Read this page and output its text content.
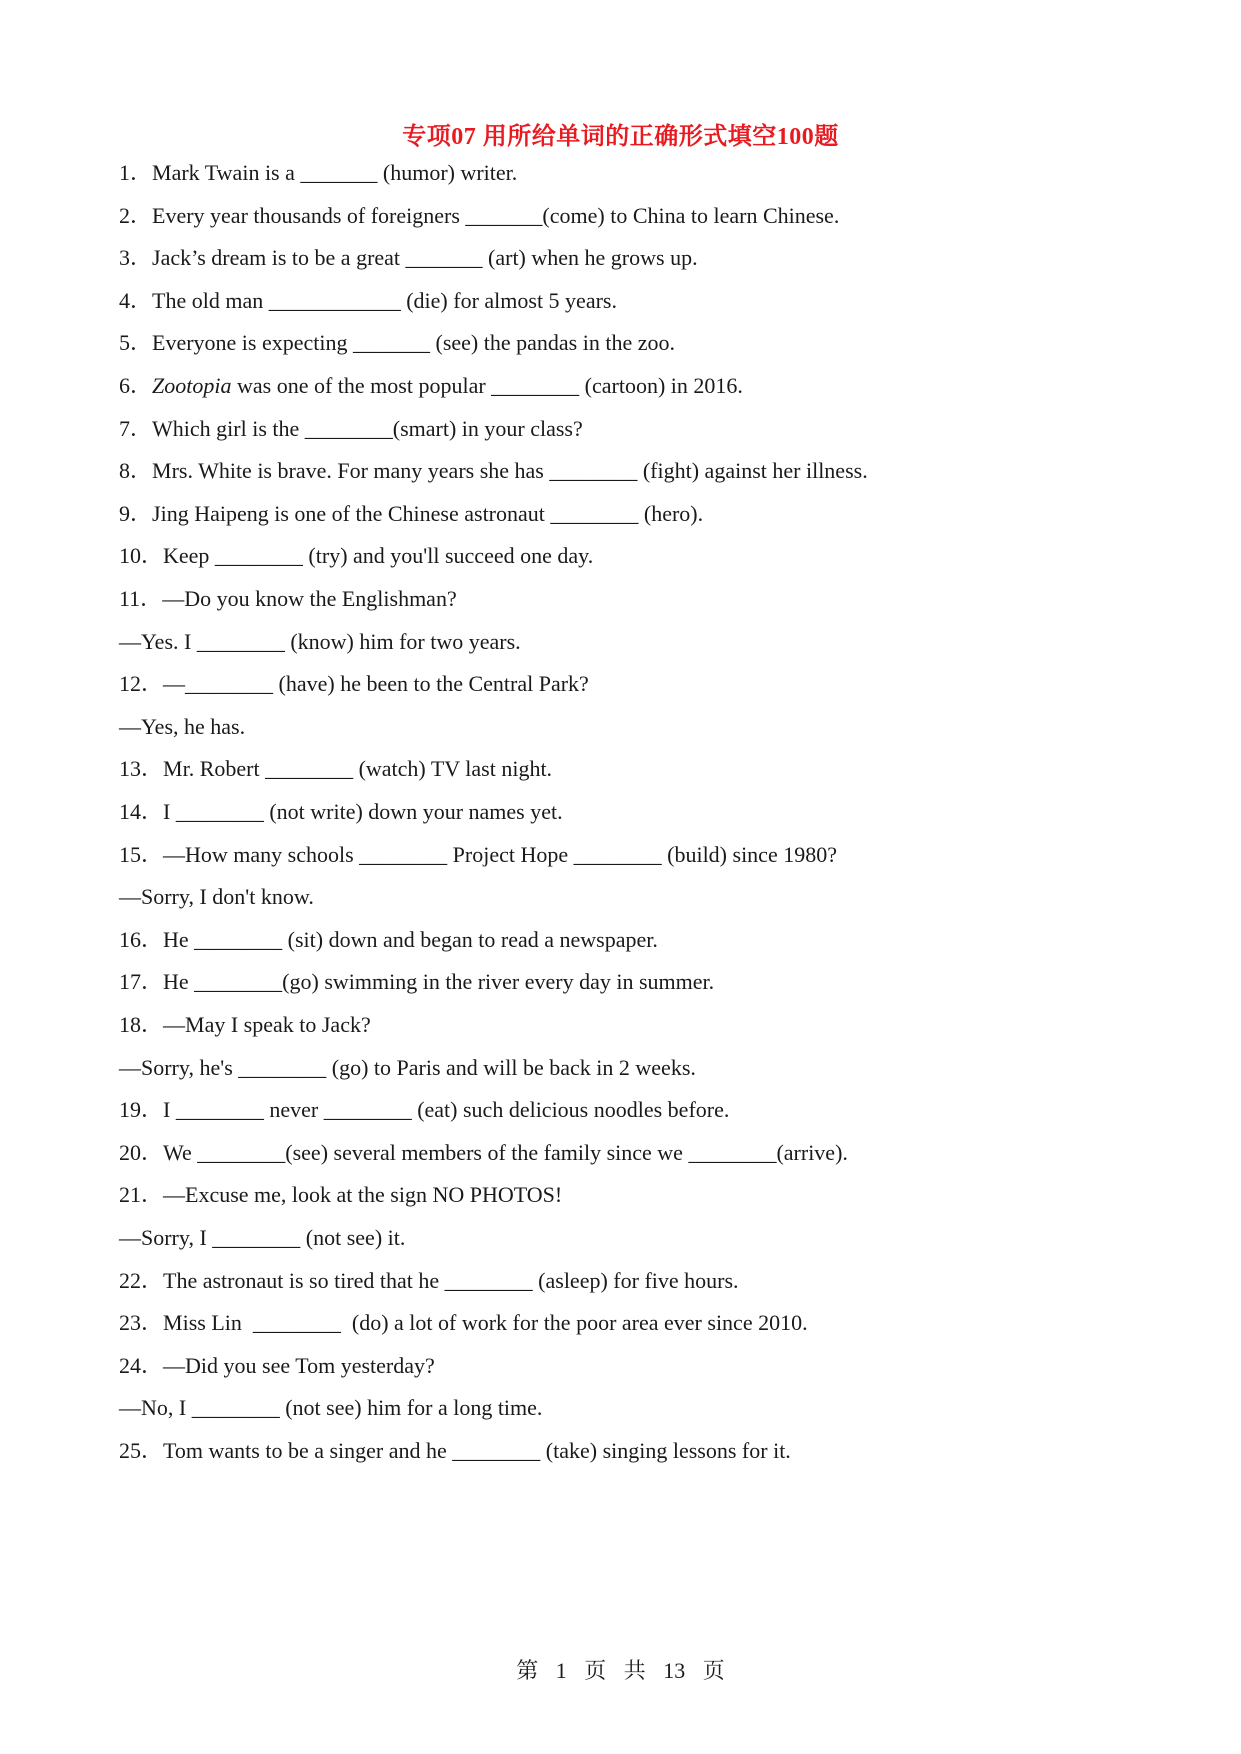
专项07 用所给单词的正确形式填空100题
1．Mark Twain is a _______ (humor) writer.
2．Every year thousands of foreigners _______(come) to China to learn Chinese.
3．Jack’s dream is to be a great _______ (art) when he grows up.
4．The old man ____________ (die) for almost 5 years.
5．Everyone is expecting _______ (see) the pandas in the zoo.
6．Zootopia was one of the most popular ________ (cartoon) in 2016.
7．Which girl is the ________(smart) in your class?
8．Mrs. White is brave. For many years she has ________ (fight) against her illness.
9．Jing Haipeng is one of the Chinese astronaut ________ (hero).
10．Keep ________ (try) and you'll succeed one day.
11．—Do you know the Englishman?
—Yes. I ________ (know) him for two years.
12．—________ (have) he been to the Central Park?
—Yes, he has.
13．Mr. Robert ________ (watch) TV last night.
14．I ________ (not write) down your names yet.
15．—How many schools ________ Project Hope ________ (build) since 1980?
—Sorry, I don't know.
16．He ________ (sit) down and began to read a newspaper.
17．He ________(go) swimming in the river every day in summer.
18．—May I speak to Jack?
—Sorry, he's ________ (go) to Paris and will be back in 2 weeks.
19．I ________ never ________ (eat) such delicious noodles before.
20．We ________(see) several members of the family since we ________(arrive).
21．—Excuse me, look at the sign NO PHOTOS!
—Sorry, I ________ (not see) it.
22．The astronaut is so tired that he ________ (asleep) for five hours.
23．Miss Lin  ________  (do) a lot of work for the poor area ever since 2010.
24．—Did you see Tom yesterday?
—No, I ________ (not see) him for a long time.
25．Tom wants to be a singer and he ________ (take) singing lessons for it.
第 1 页 共 13 页
